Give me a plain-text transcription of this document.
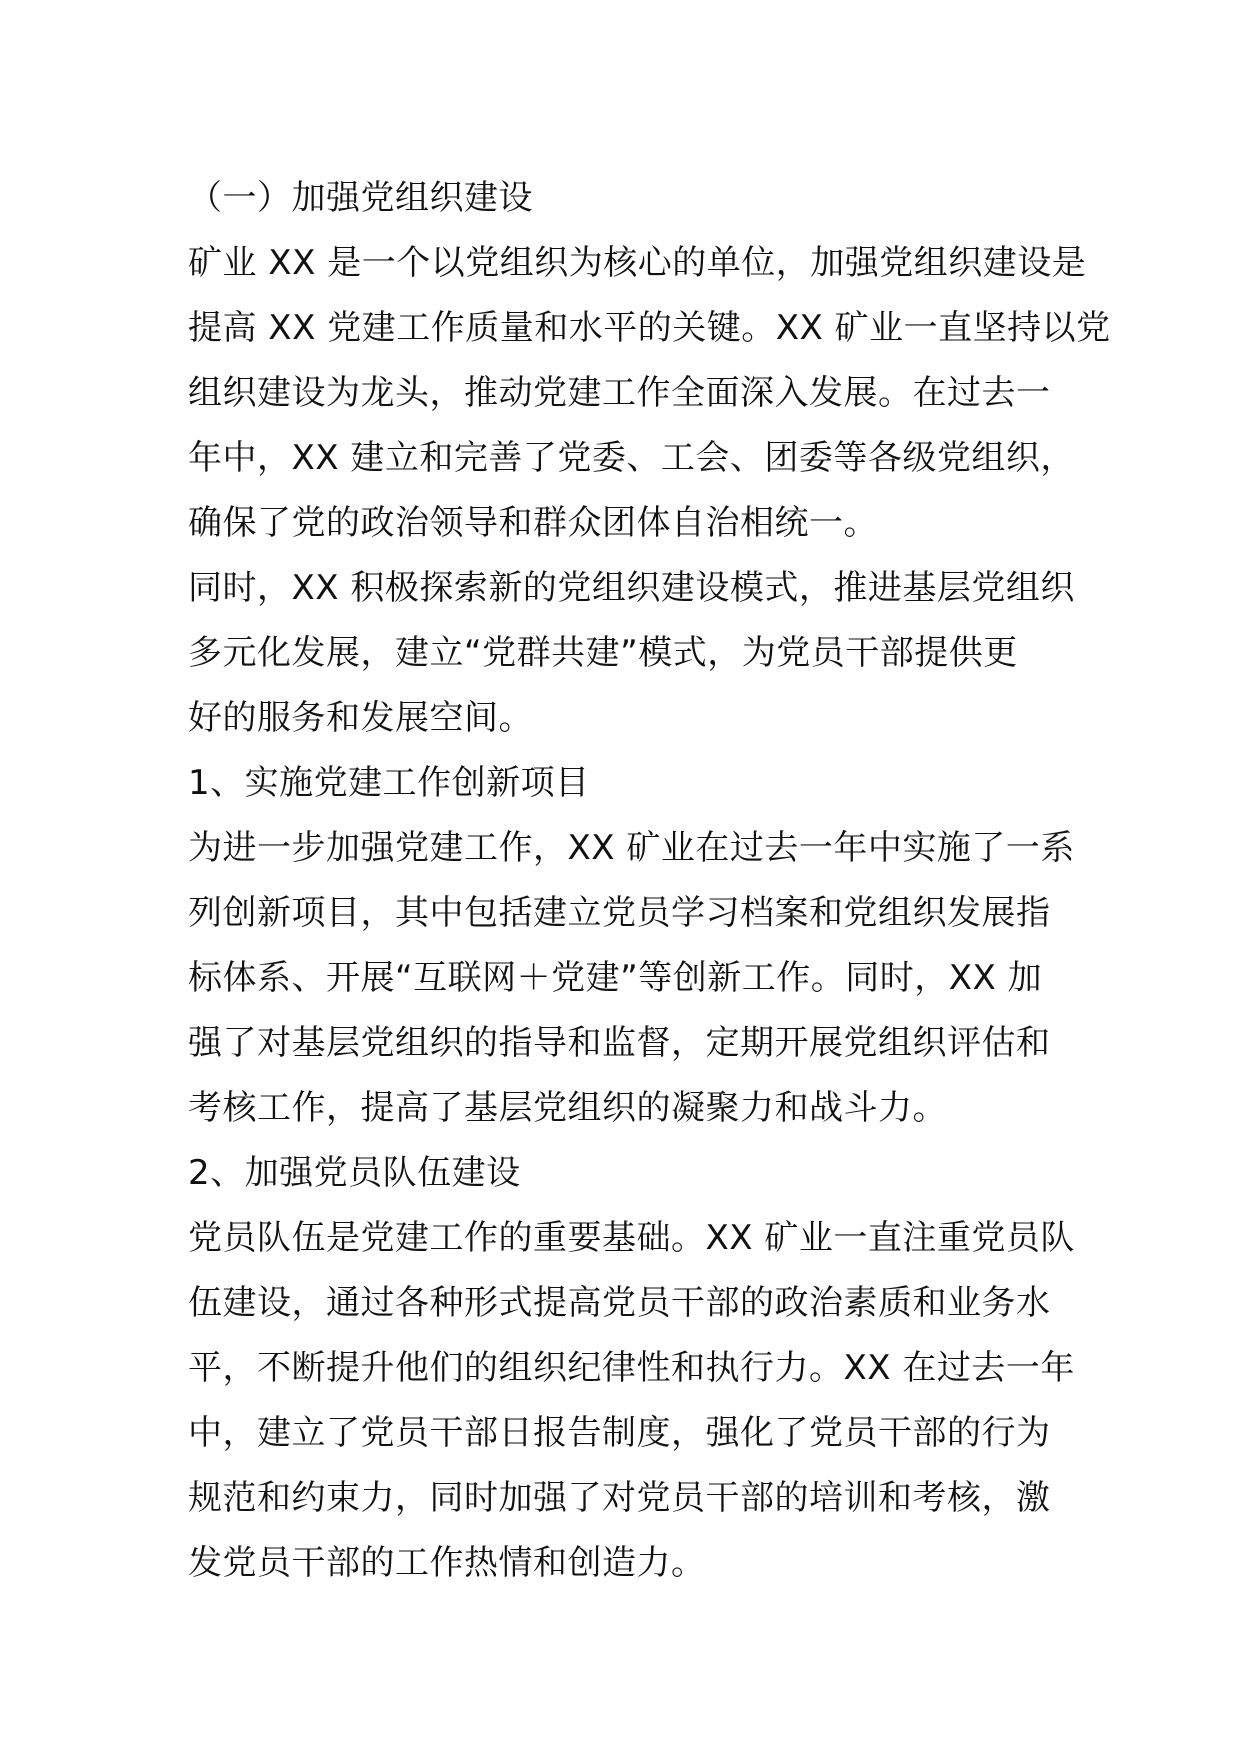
（一）加强党组织建设
矿业 XX 是一个以党组织为核心的单位，加强党组织建设是
提高 XX 党建工作质量和水平的关键。XX 矿业一直坚持以党
组织建设为龙头，推动党建工作全面深入发展。在过去一
年中，XX 建立和完善了党委、工会、团委等各级党组织，
确保了党的政治领导和群众团体自治相统一。
同时，XX 积极探索新的党组织建设模式，推进基层党组织
多元化发展，建立“党群共建”模式，为党员干部提供更
好的服务和发展空间。
1、实施党建工作创新项目
为进一步加强党建工作，XX 矿业在过去一年中实施了一系
列创新项目，其中包括建立党员学习档案和党组织发展指
标体系、开展“互联网＋党建”等创新工作。同时，XX 加
强了对基层党组织的指导和监督，定期开展党组织评估和
考核工作，提高了基层党组织的凝聚力和战斗力。
2、加强党员队伍建设
党员队伍是党建工作的重要基础。XX 矿业一直注重党员队
伍建设，通过各种形式提高党员干部的政治素质和业务水
平，不断提升他们的组织纪律性和执行力。XX 在过去一年
中，建立了党员干部日报告制度，强化了党员干部的行为
规范和约束力，同时加强了对党员干部的培训和考核，激
发党员干部的工作热情和创造力。
